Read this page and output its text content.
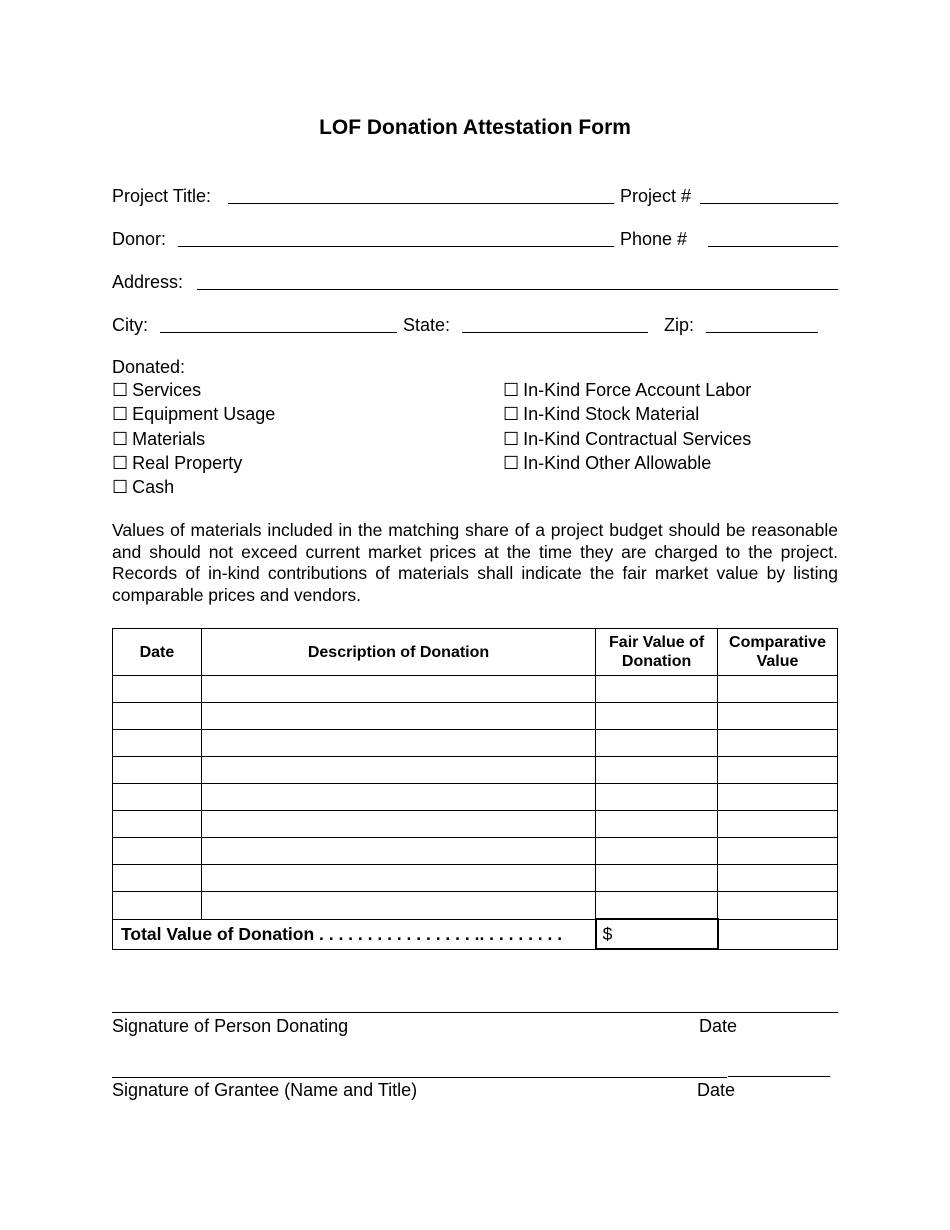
LOF Donation Attestation Form
Project Title:	Project #
Donor:	Phone #
Address:
City:	State:	Zip:
Donated:
☐ Services
☐ Equipment Usage
☐ Materials
☐ Real Property
☐ Cash
☐ In-Kind Force Account Labor
☐ In-Kind Stock Material
☐ In-Kind Contractual Services
☐ In-Kind Other Allowable
Values of materials included in the matching share of a project budget should be reasonable and should not exceed current market prices at the time they are charged to the project. Records of in-kind contributions of materials shall indicate the fair market value by listing comparable prices and vendors.
Date	Description of Donation	Fair Value of Donation	Comparative Value

Total Value of Donation . . . . . . . . . . . . . . . . .. . . . . . . . .		$	
Signature of Person Donating	Date
Signature of Grantee (Name and Title)	Date
